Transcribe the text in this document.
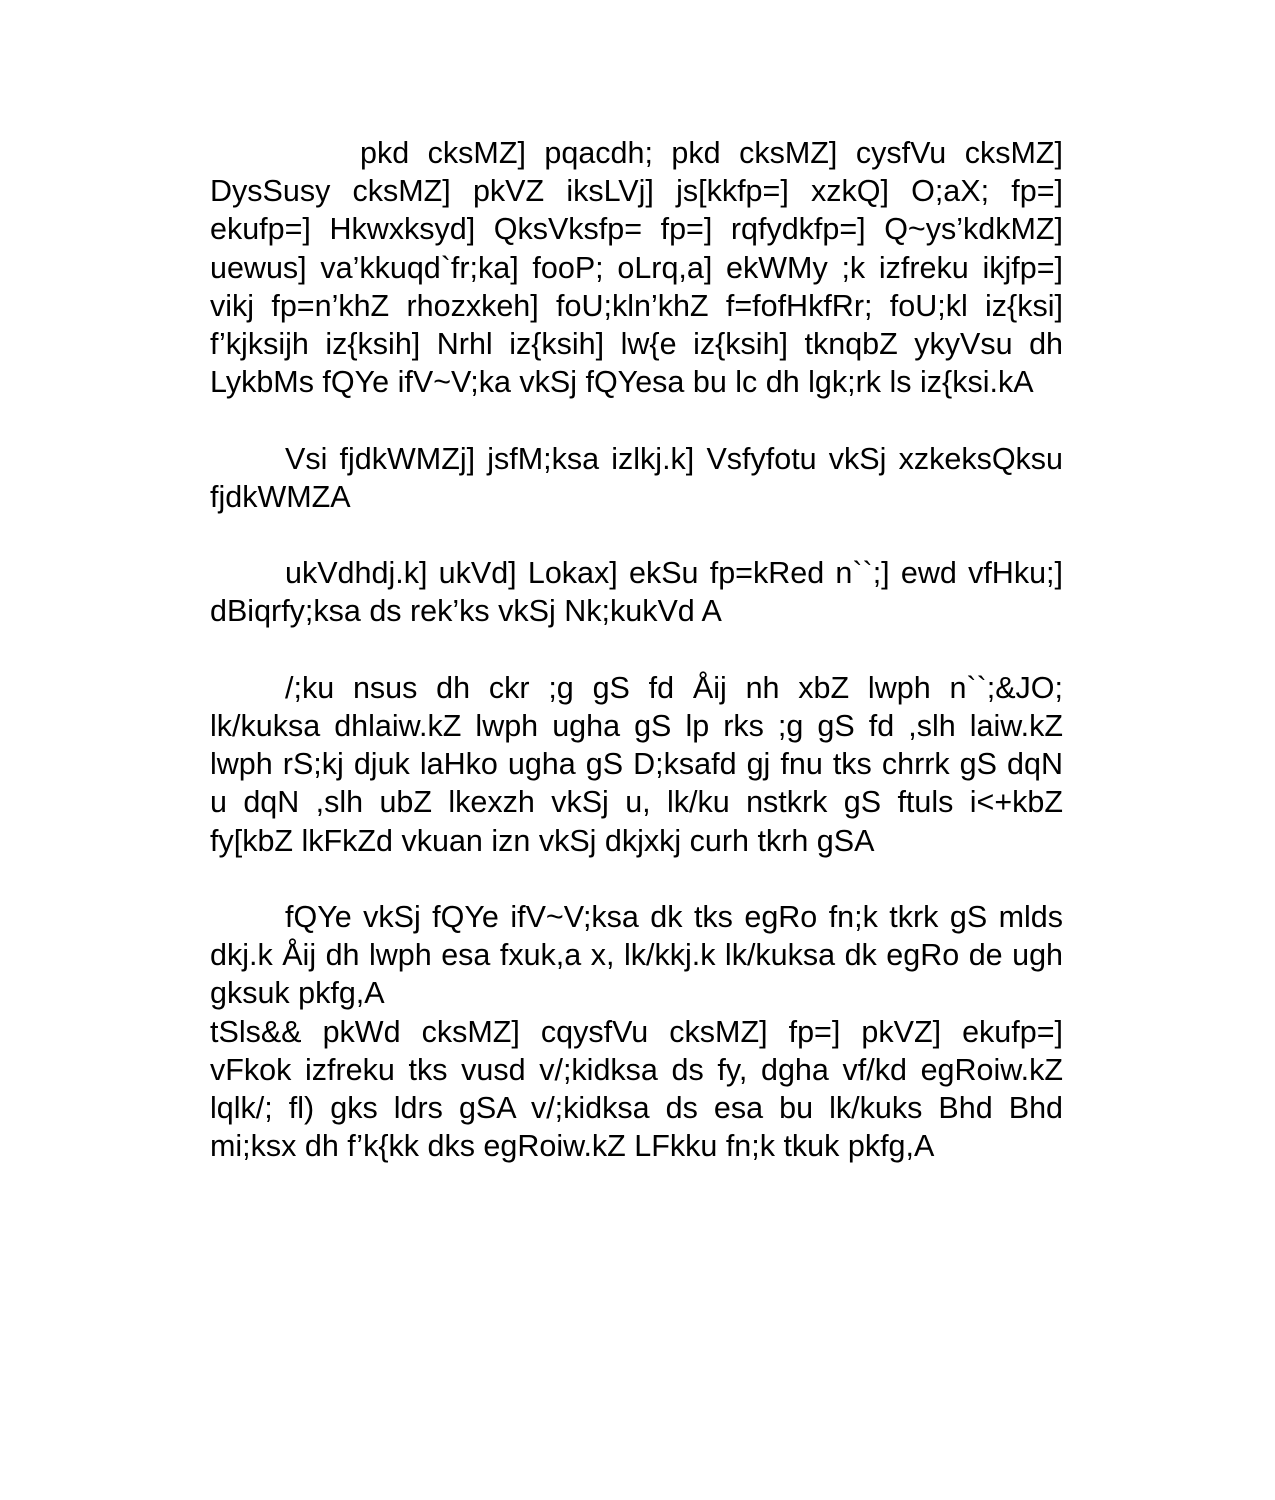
pkd cksMZ] pqacdh; pkd cksMZ] cysfVu cksMZ] DysSusy cksMZ] pkVZ iksLVj] js[kkfp=] xzkQ] O;aX; fp=] ekufp=] Hkwxksyd] QksVksfp= fp=] rqfydkfp=] Q~ys’kdkMZ] uewus] va’kkuqd`fr;ka] fooP; oLrq,a] ekWMy ;k izfreku ikjfp=] vikj fp=n’khZ rhozxkeh] foU;kln’khZ f=fofHkfRr; foU;kl iz{ksi] f’kjksijh iz{ksih] Nrhl iz{ksih] lw{e iz{ksih] tknqbZ ykyVsu dh LykbMs fQYe ifV~V;ka vkSj fQYesa bu lc dh lgk;rk ls iz{ksi.kA

Vsi fjdkWMZj] jsfM;ksa izlkj.k] Vsfyfotu vkSj xzkeksQksu fjdkWMZA

ukVdhdj.k] ukVd] Lokax] ekSu fp=kRed n``;] ewd vfHku;] dBiqrfy;ksa ds rek’ks vkSj Nk;kukVd A

/;ku nsus dh ckr ;g gS fd Åij nh xbZ lwph n``;&JO; lk/kuksa dhlaiw.kZ lwph ugha gS lp rks ;g gS fd ,slh laiw.kZ lwph rS;kj djuk laHko ugha gS D;ksafd gj fnu tks chrrk gS dqN u dqN ,slh ubZ lkexzh vkSj u, lk/ku nstkrk gS ftuls i<+kbZ fy[kbZ lkFkZd vkuan izn vkSj dkjxkj curh tkrh gSA

fQYe vkSj fQYe ifV~V;ksa dk tks egRo fn;k tkrk gS mlds dkj.k Åij dh lwph esa fxuk,a x, lk/kkj.k lk/kuksa dk egRo de ugh gksuk pkfg,A

tSls&& pkWd cksMZ] cqysfVu cksMZ] fp=] pkVZ] ekufp=] vFkok izfreku tks vusd v/;kidksa ds fy, dgha vf/kd egRoiw.kZ lqlk/; fl) gks ldrs gSA v/;kidksa ds esa bu lk/kuks Bhd Bhd mi;ksx dh f’k{kk dks egRoiw.kZ LFkku fn;k tkuk pkfg,A
